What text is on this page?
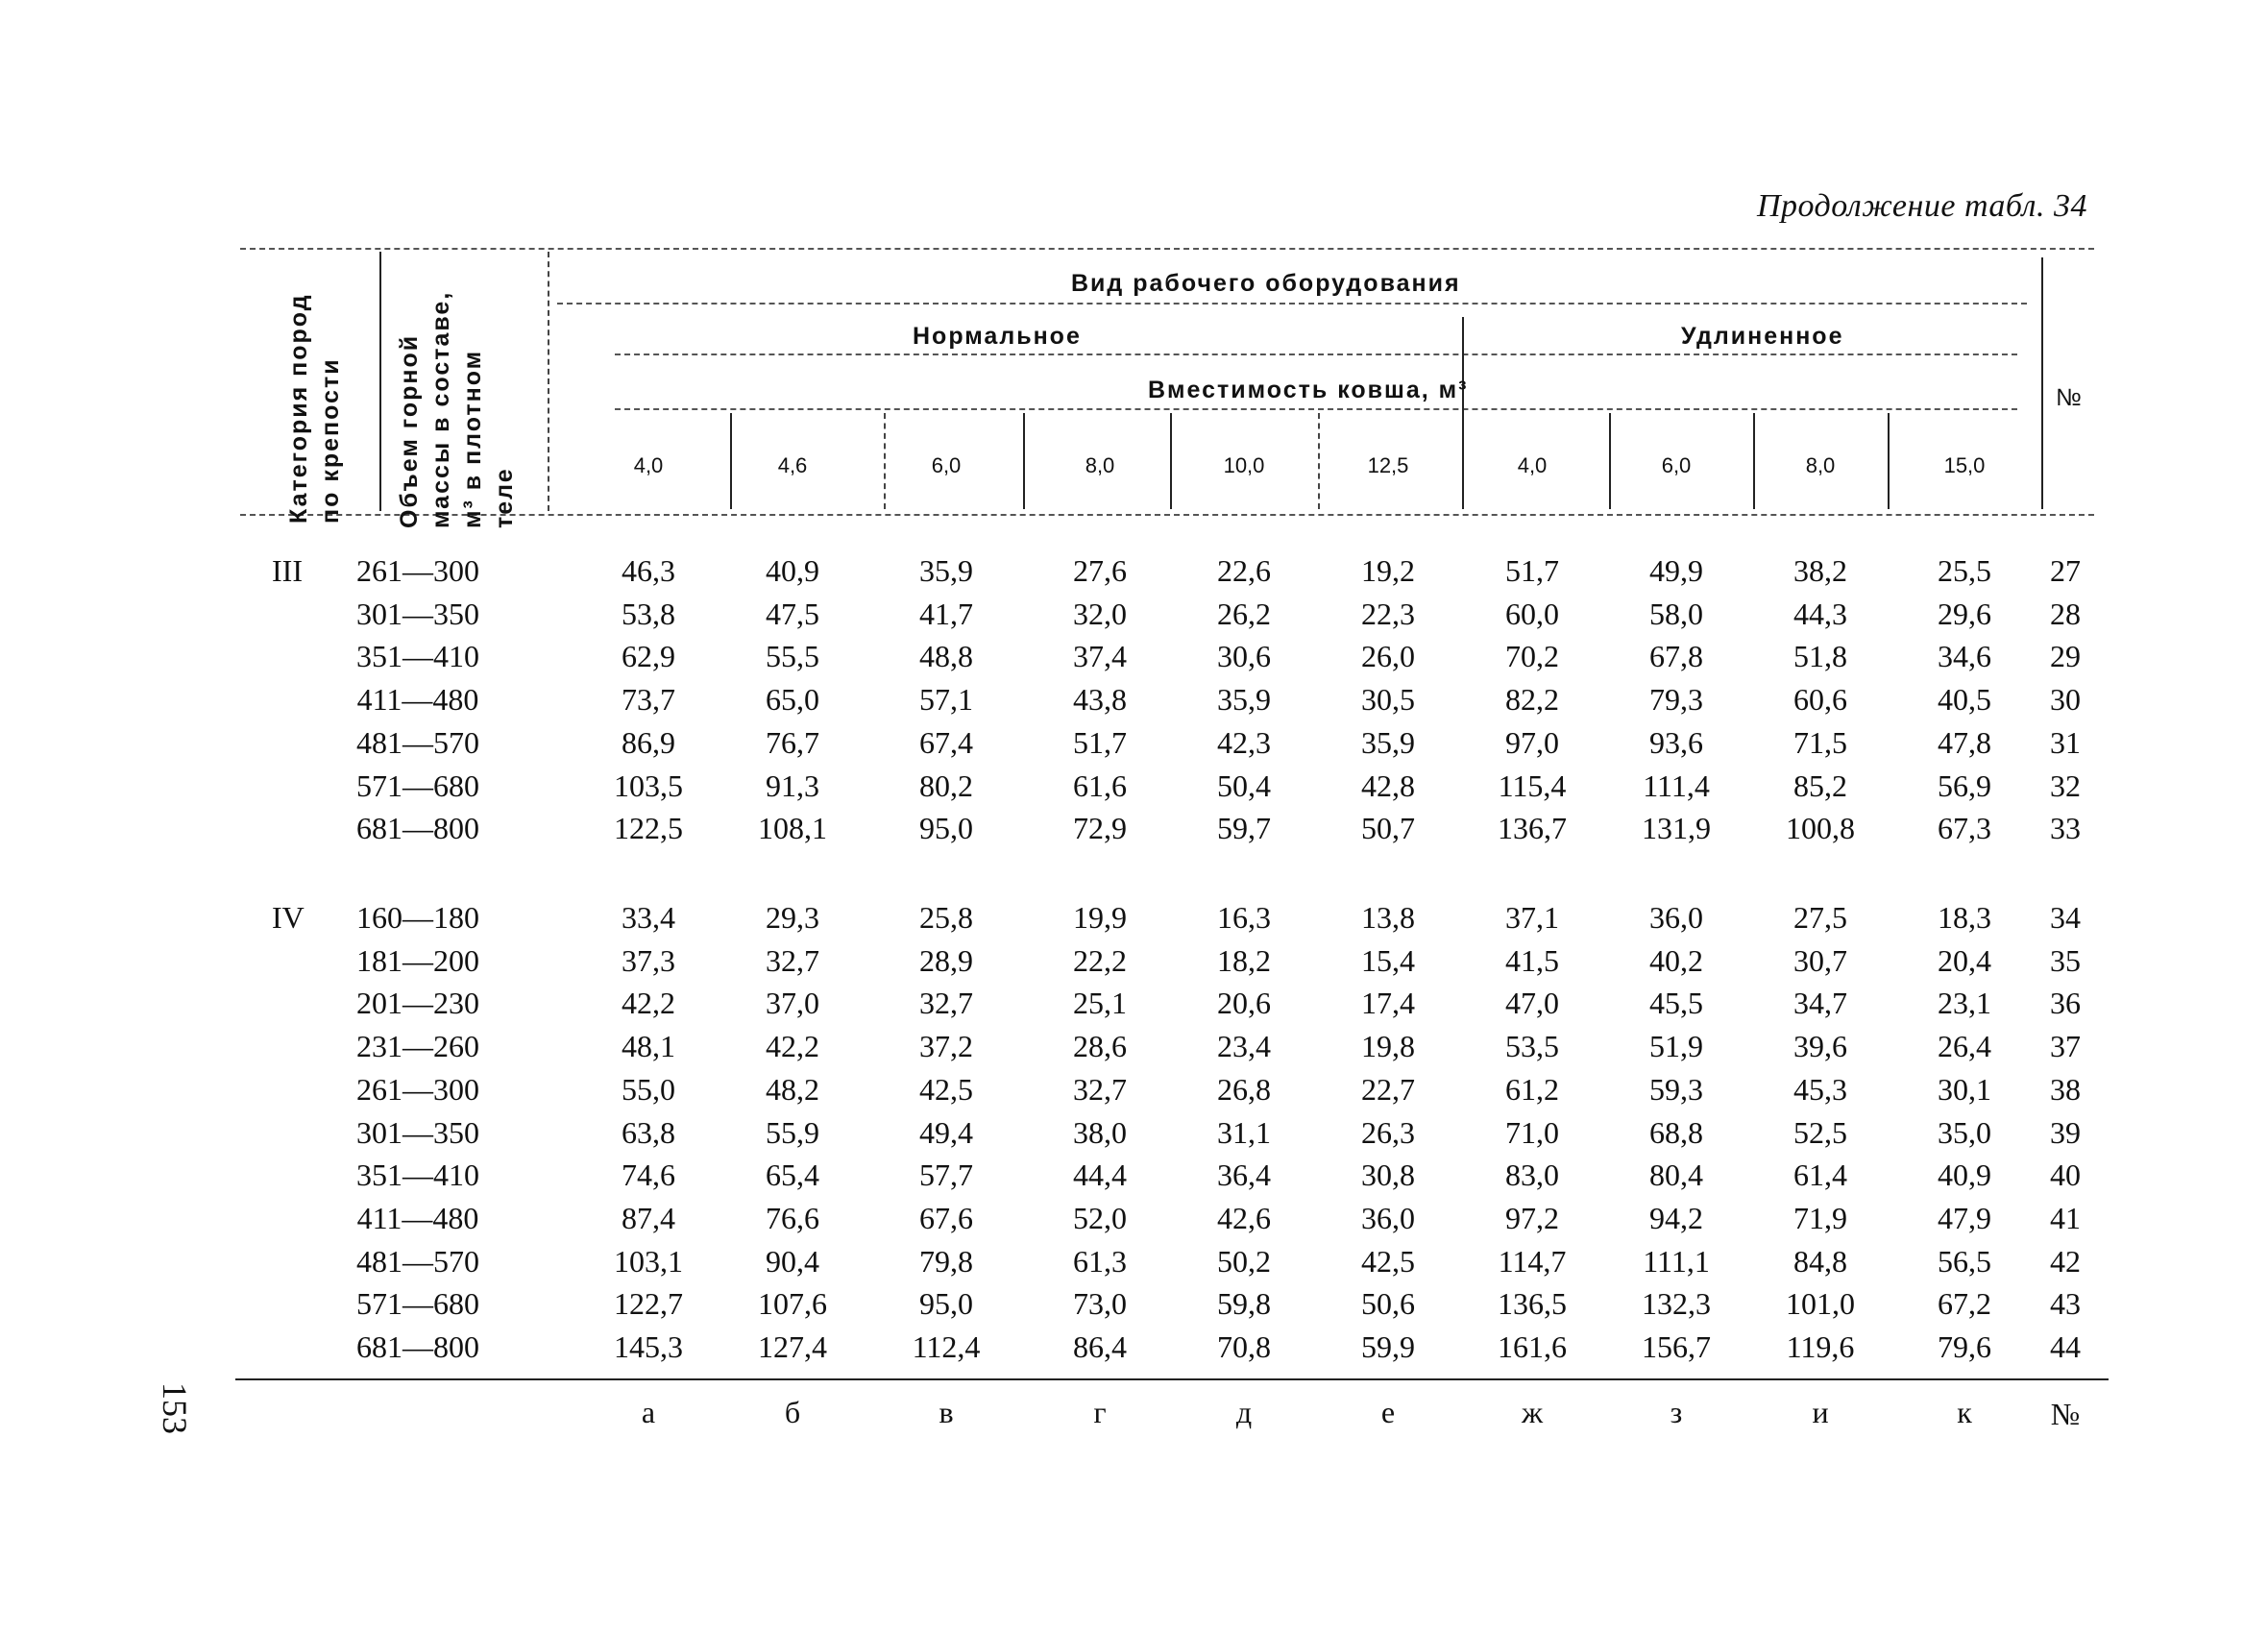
Продолжение табл. 34
Категория пород
по крепости
Объем горной
массы в составе,
м³ в плотном
теле
Вид рабочего оборудования
Нормальное	Удлиненное
Вместимость ковша, м³	№
4,0	4,6	6,0	8,0	10,0	12,5	4,0	6,0	8,0	15,0
III	261—300	46,3	40,9	35,9	27,6	22,6	19,2	51,7	49,9	38,2	25,5	27
301—350	53,8	47,5	41,7	32,0	26,2	22,3	60,0	58,0	44,3	29,6	28
351—410	62,9	55,5	48,8	37,4	30,6	26,0	70,2	67,8	51,8	34,6	29
411—480	73,7	65,0	57,1	43,8	35,9	30,5	82,2	79,3	60,6	40,5	30
481—570	86,9	76,7	67,4	51,7	42,3	35,9	97,0	93,6	71,5	47,8	31
571—680	103,5	91,3	80,2	61,6	50,4	42,8	115,4	111,4	85,2	56,9	32
681—800	122,5	108,1	95,0	72,9	59,7	50,7	136,7	131,9	100,8	67,3	33
IV	160—180	33,4	29,3	25,8	19,9	16,3	13,8	37,1	36,0	27,5	18,3	34
181—200	37,3	32,7	28,9	22,2	18,2	15,4	41,5	40,2	30,7	20,4	35
201—230	42,2	37,0	32,7	25,1	20,6	17,4	47,0	45,5	34,7	23,1	36
231—260	48,1	42,2	37,2	28,6	23,4	19,8	53,5	51,9	39,6	26,4	37
261—300	55,0	48,2	42,5	32,7	26,8	22,7	61,2	59,3	45,3	30,1	38
301—350	63,8	55,9	49,4	38,0	31,1	26,3	71,0	68,8	52,5	35,0	39
351—410	74,6	65,4	57,7	44,4	36,4	30,8	83,0	80,4	61,4	40,9	40
411—480	87,4	76,6	67,6	52,0	42,6	36,0	97,2	94,2	71,9	47,9	41
481—570	103,1	90,4	79,8	61,3	50,2	42,5	114,7	111,1	84,8	56,5	42
571—680	122,7	107,6	95,0	73,0	59,8	50,6	136,5	132,3	101,0	67,2	43
681—800	145,3	127,4	112,4	86,4	70,8	59,9	161,6	156,7	119,6	79,6	44
а	б	в	г	д	е	ж	з	и	к	№
153
